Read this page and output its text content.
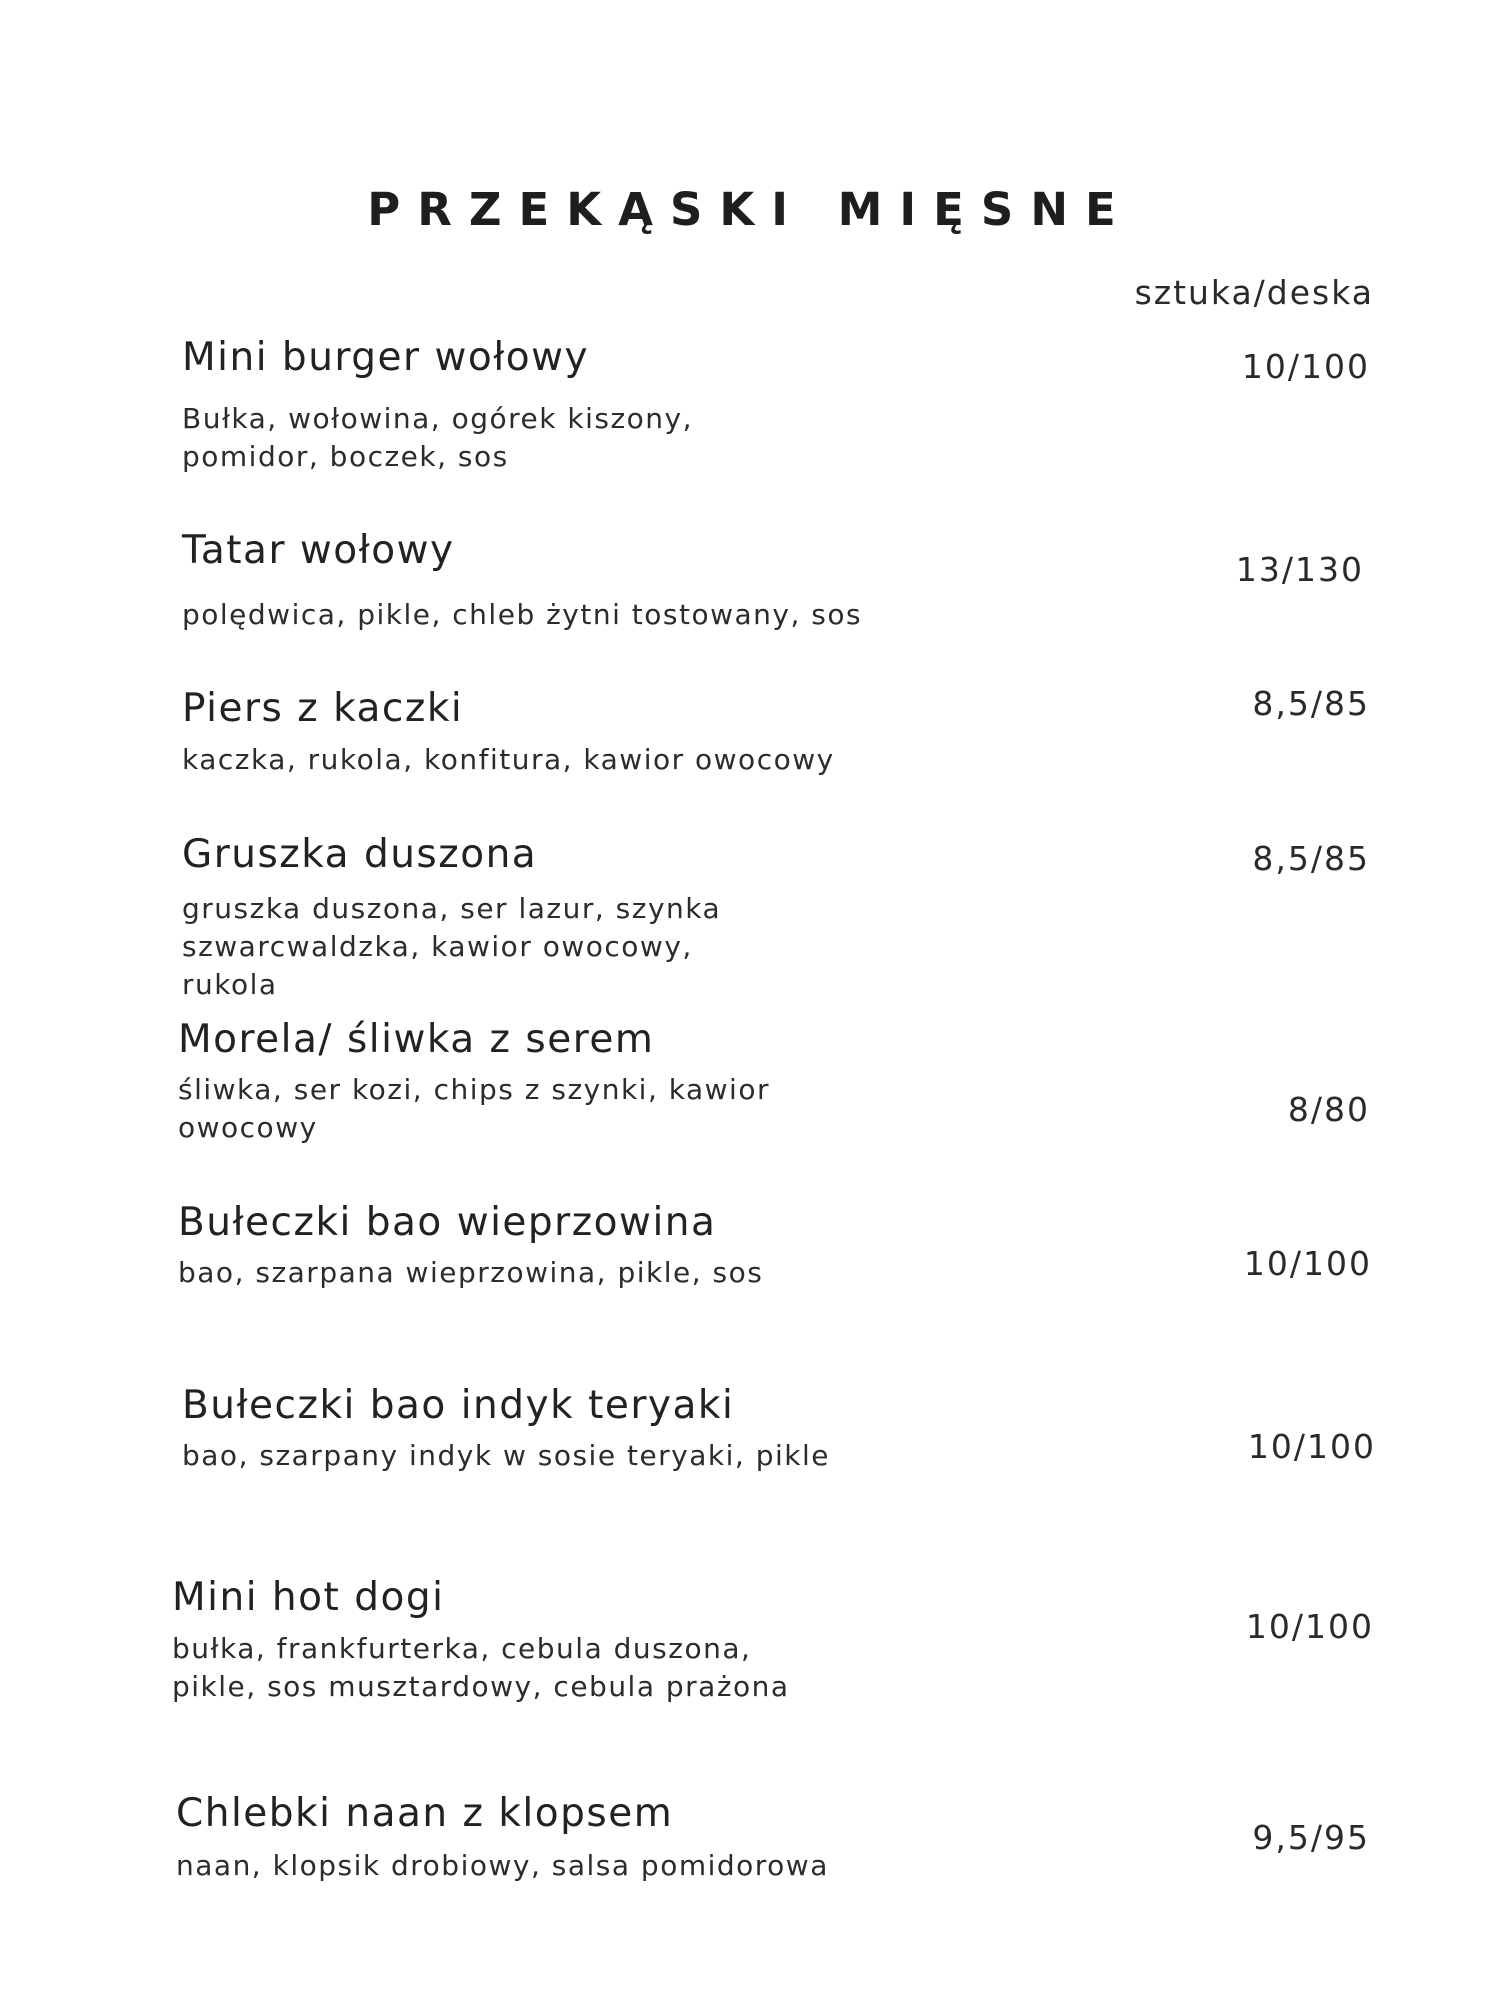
PRZEKĄSKI MIĘSNE
sztuka/deska
Mini burger wołowy
Bułka, wołowina, ogórek kiszony, pomidor, boczek, sos
10/100
Tatar wołowy
polędwica, pikle, chleb żytni tostowany, sos
13/130
Piers z kaczki
kaczka, rukola, konfitura, kawior owocowy
8,5/85
Gruszka duszona
gruszka duszona, ser lazur, szynka szwarcwaldzka, kawior owocowy, rukola
8,5/85
Morela/ śliwka z serem
śliwka, ser kozi, chips z szynki, kawior owocowy	8/80
Bułeczki bao wieprzowina
bao, szarpana wieprzowina, pikle, sos	10/100
Bułeczki bao indyk teryaki
bao, szarpany indyk w sosie teryaki, pikle	10/100
Mini hot dogi
bułka, frankfurterka, cebula duszona, pikle, sos musztardowy, cebula prażona
10/100
Chlebki naan z klopsem
naan, klopsik drobiowy, salsa pomidorowa
9,5/95
